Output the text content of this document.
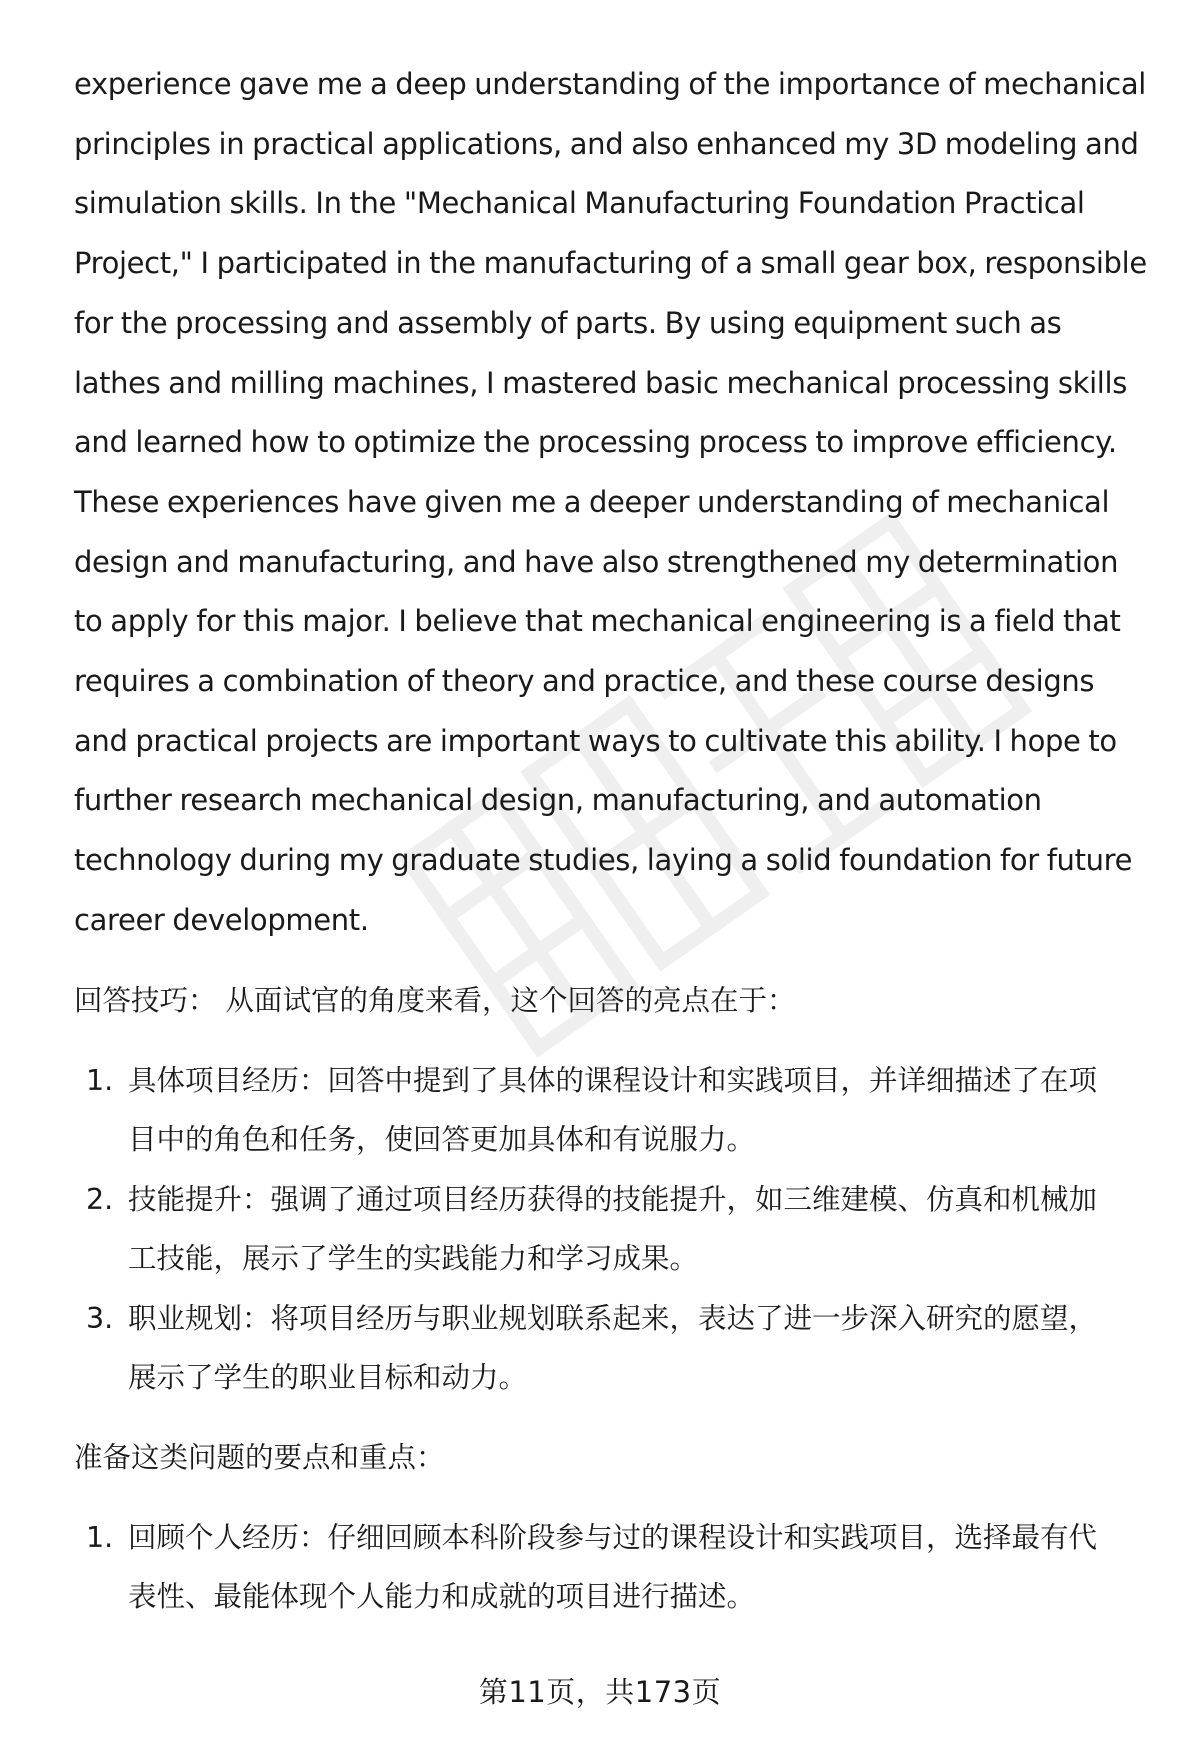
experience gave me a deep understanding of the importance of mechanical
principles in practical applications, and also enhanced my 3D modeling and
simulation skills. In the "Mechanical Manufacturing Foundation Practical
Project," I participated in the manufacturing of a small gear box, responsible
for the processing and assembly of parts. By using equipment such as
lathes and milling machines, I mastered basic mechanical processing skills
and learned how to optimize the processing process to improve efficiency.
These experiences have given me a deeper understanding of mechanical
design and manufacturing, and have also strengthened my determination
to apply for this major. I believe that mechanical engineering is a field that
requires a combination of theory and practice, and these course designs
and practical projects are important ways to cultivate this ability. I hope to
further research mechanical design, manufacturing, and automation
technology during my graduate studies, laying a solid foundation for future
career development.

回答技巧： 从面试官的角度来看，这个回答的亮点在于：

1. 具体项目经历：回答中提到了具体的课程设计和实践项目，并详细描述了在项
目中的角色和任务，使回答更加具体和有说服力。
2. 技能提升：强调了通过项目经历获得的技能提升，如三维建模、仿真和机械加
工技能，展示了学生的实践能力和学习成果。
3. 职业规划：将项目经历与职业规划联系起来，表达了进一步深入研究的愿望，
展示了学生的职业目标和动力。

准备这类问题的要点和重点：

1. 回顾个人经历：仔细回顾本科阶段参与过的课程设计和实践项目，选择最有代
表性、最能体现个人能力和成就的项目进行描述。
第11页，共173页
